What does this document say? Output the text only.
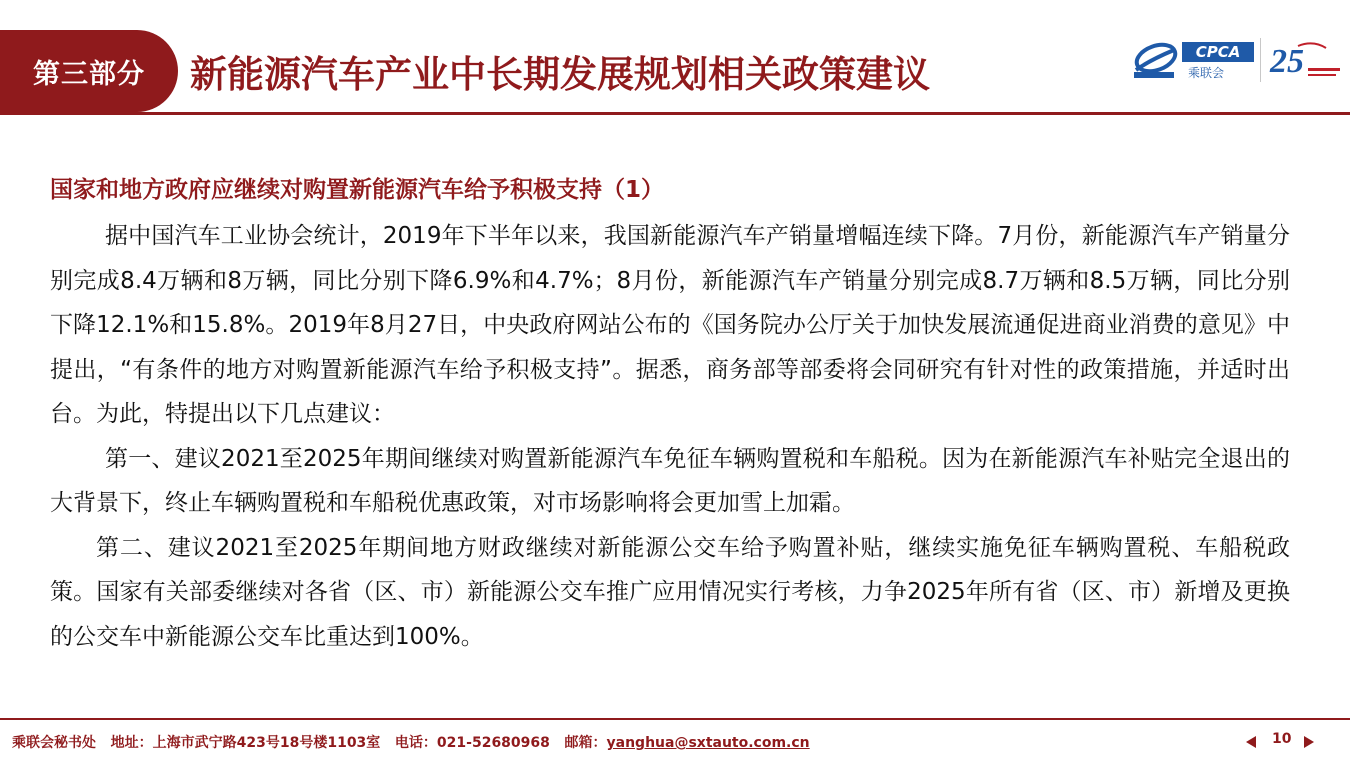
第三部分 新能源汽车产业中长期发展规划相关政策建议
CPCA
乘联会 25
国家和地方政府应继续对购置新能源汽车给予积极支持（1）

据中国汽车工业协会统计，2019年下半年以来，我国新能源汽车产销量增幅连续下降。7月份，新能源汽车产销量分别完成8.4万辆和8万辆，同比分别下降6.9%和4.7%；8月份，新能源汽车产销量分别完成8.7万辆和8.5万辆，同比分别下降12.1%和15.8%。2019年8月27日，中央政府网站公布的《国务院办公厅关于加快发展流通促进商业消费的意见》中提出，“有条件的地方对购置新能源汽车给予积极支持”。据悉，商务部等部委将会同研究有针对性的政策措施，并适时出台。为此，特提出以下几点建议：

第一、建议2021至2025年期间继续对购置新能源汽车免征车辆购置税和车船税。因为在新能源汽车补贴完全退出的大背景下，终止车辆购置税和车船税优惠政策，对市场影响将会更加雪上加霜。

第二、建议2021至2025年期间地方财政继续对新能源公交车给予购置补贴，继续实施免征车辆购置税、车船税政策。国家有关部委继续对各省（区、市）新能源公交车推广应用情况实行考核，力争2025年所有省（区、市）新增及更换的公交车中新能源公交车比重达到100%。

乘联会秘书处 地址：上海市武宁路423号18号楼1103室 电话：021-52680968 邮箱：yanghua@sxtauto.com.cn	10
